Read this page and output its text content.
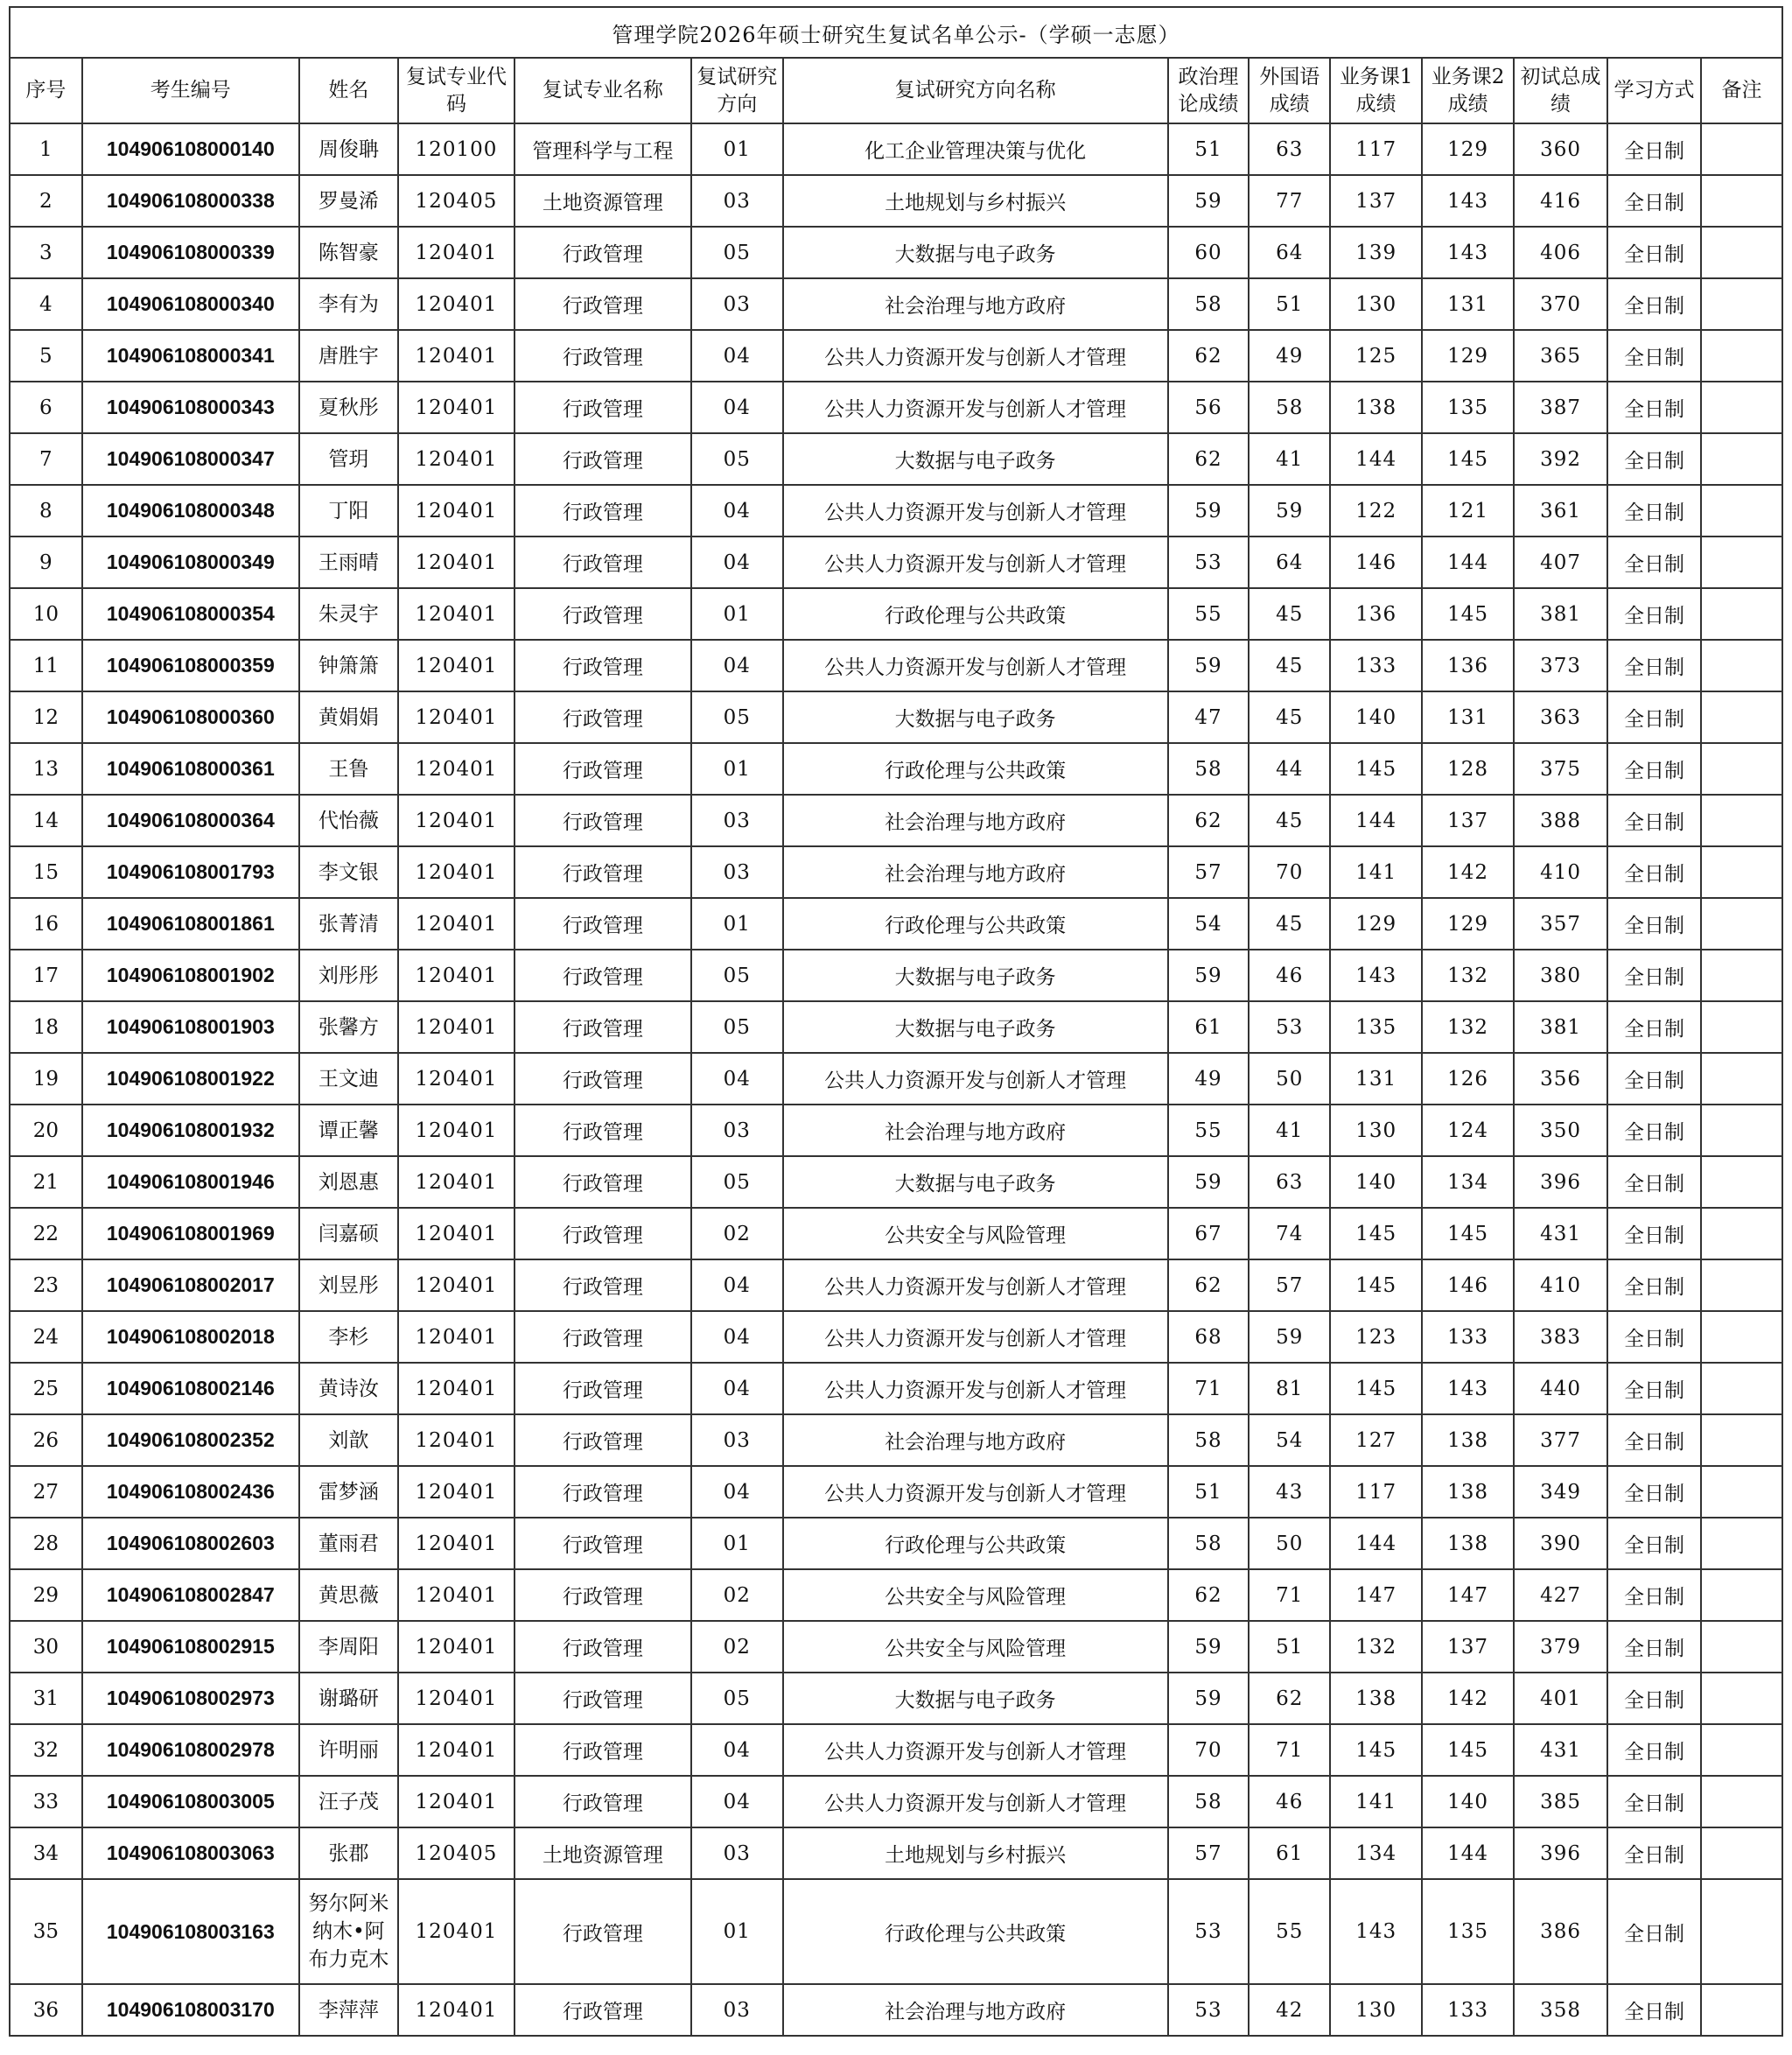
管理学院2026年硕士研究生复试名单公示-（学硕一志愿）													
序号	考生编号	姓名	复试专业代码	复试专业名称	复试研究方向	复试研究方向名称	政治理论成绩	外国语成绩	业务课1成绩	业务课2成绩	初试总成绩	学习方式	备注
1	104906108000140	周俊聃	120100	管理科学与工程	01	化工企业管理决策与优化	51	63	117	129	360	全日制	
2	104906108000338	罗曼浠	120405	土地资源管理	03	土地规划与乡村振兴	59	77	137	143	416	全日制	
3	104906108000339	陈智豪	120401	行政管理	05	大数据与电子政务	60	64	139	143	406	全日制	
4	104906108000340	李有为	120401	行政管理	03	社会治理与地方政府	58	51	130	131	370	全日制	
5	104906108000341	唐胜宇	120401	行政管理	04	公共人力资源开发与创新人才管理	62	49	125	129	365	全日制	
6	104906108000343	夏秋彤	120401	行政管理	04	公共人力资源开发与创新人才管理	56	58	138	135	387	全日制	
7	104906108000347	管玥	120401	行政管理	05	大数据与电子政务	62	41	144	145	392	全日制	
8	104906108000348	丁阳	120401	行政管理	04	公共人力资源开发与创新人才管理	59	59	122	121	361	全日制	
9	104906108000349	王雨晴	120401	行政管理	04	公共人力资源开发与创新人才管理	53	64	146	144	407	全日制	
10	104906108000354	朱灵宇	120401	行政管理	01	行政伦理与公共政策	55	45	136	145	381	全日制	
11	104906108000359	钟箫箫	120401	行政管理	04	公共人力资源开发与创新人才管理	59	45	133	136	373	全日制	
12	104906108000360	黄娟娟	120401	行政管理	05	大数据与电子政务	47	45	140	131	363	全日制	
13	104906108000361	王鲁	120401	行政管理	01	行政伦理与公共政策	58	44	145	128	375	全日制	
14	104906108000364	代怡薇	120401	行政管理	03	社会治理与地方政府	62	45	144	137	388	全日制	
15	104906108001793	李文银	120401	行政管理	03	社会治理与地方政府	57	70	141	142	410	全日制	
16	104906108001861	张菁清	120401	行政管理	01	行政伦理与公共政策	54	45	129	129	357	全日制	
17	104906108001902	刘彤彤	120401	行政管理	05	大数据与电子政务	59	46	143	132	380	全日制	
18	104906108001903	张馨方	120401	行政管理	05	大数据与电子政务	61	53	135	132	381	全日制	
19	104906108001922	王文迪	120401	行政管理	04	公共人力资源开发与创新人才管理	49	50	131	126	356	全日制	
20	104906108001932	谭正馨	120401	行政管理	03	社会治理与地方政府	55	41	130	124	350	全日制	
21	104906108001946	刘恩惠	120401	行政管理	05	大数据与电子政务	59	63	140	134	396	全日制	
22	104906108001969	闫嘉硕	120401	行政管理	02	公共安全与风险管理	67	74	145	145	431	全日制	
23	104906108002017	刘昱彤	120401	行政管理	04	公共人力资源开发与创新人才管理	62	57	145	146	410	全日制	
24	104906108002018	李杉	120401	行政管理	04	公共人力资源开发与创新人才管理	68	59	123	133	383	全日制	
25	104906108002146	黄诗汝	120401	行政管理	04	公共人力资源开发与创新人才管理	71	81	145	143	440	全日制	
26	104906108002352	刘歆	120401	行政管理	03	社会治理与地方政府	58	54	127	138	377	全日制	
27	104906108002436	雷梦涵	120401	行政管理	04	公共人力资源开发与创新人才管理	51	43	117	138	349	全日制	
28	104906108002603	董雨君	120401	行政管理	01	行政伦理与公共政策	58	50	144	138	390	全日制	
29	104906108002847	黄思薇	120401	行政管理	02	公共安全与风险管理	62	71	147	147	427	全日制	
30	104906108002915	李周阳	120401	行政管理	02	公共安全与风险管理	59	51	132	137	379	全日制	
31	104906108002973	谢璐研	120401	行政管理	05	大数据与电子政务	59	62	138	142	401	全日制	
32	104906108002978	许明丽	120401	行政管理	04	公共人力资源开发与创新人才管理	70	71	145	145	431	全日制	
33	104906108003005	汪子茂	120401	行政管理	04	公共人力资源开发与创新人才管理	58	46	141	140	385	全日制	
34	104906108003063	张郡	120405	土地资源管理	03	土地规划与乡村振兴	57	61	134	144	396	全日制	
35	104906108003163	努尔阿米
纳木•阿
布力克木	120401	行政管理	01	行政伦理与公共政策	53	55	143	135	386	全日制	
36	104906108003170	李萍萍	120401	行政管理	03	社会治理与地方政府	53	42	130	133	358	全日制	
